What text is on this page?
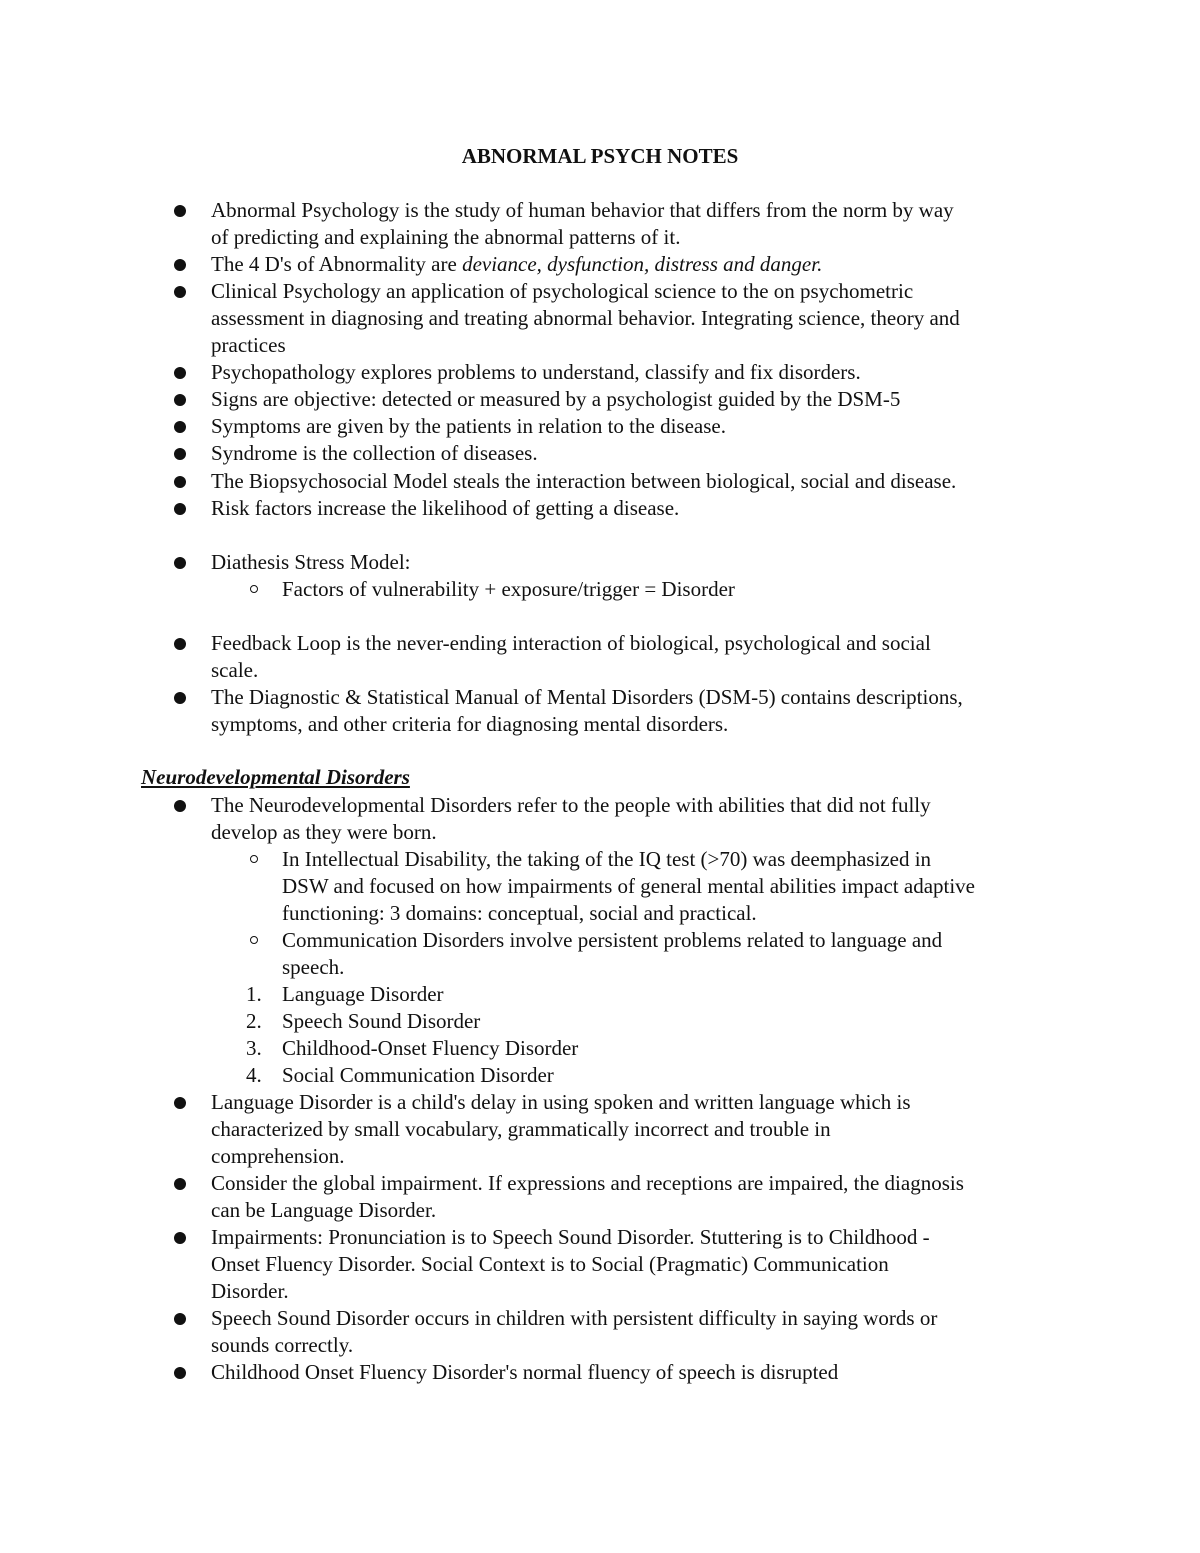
ABNORMAL PSYCH NOTES
Abnormal Psychology is the study of human behavior that differs from the norm by way
of predicting and explaining the abnormal patterns of it.
The 4 D's of Abnormality are deviance, dysfunction, distress and danger.
Clinical Psychology an application of psychological science to the on psychometric
assessment in diagnosing and treating abnormal behavior. Integrating science, theory and
practices
Psychopathology explores problems to understand, classify and fix disorders.
Signs are objective: detected or measured by a psychologist guided by the DSM-5
Symptoms are given by the patients in relation to the disease.
Syndrome is the collection of diseases.
The Biopsychosocial Model steals the interaction between biological, social and disease.
Risk factors increase the likelihood of getting a disease.
Diathesis Stress Model:
Factors of vulnerability + exposure/trigger = Disorder
Feedback Loop is the never-ending interaction of biological, psychological and social
scale.
The Diagnostic & Statistical Manual of Mental Disorders (DSM-5) contains descriptions,
symptoms, and other criteria for diagnosing mental disorders.
Neurodevelopmental Disorders
The Neurodevelopmental Disorders refer to the people with abilities that did not fully
develop as they were born.
In Intellectual Disability, the taking of the IQ test (>70) was deemphasized in
DSW and focused on how impairments of general mental abilities impact adaptive
functioning: 3 domains: conceptual, social and practical.
Communication Disorders involve persistent problems related to language and
speech.
1. Language Disorder
2. Speech Sound Disorder
3. Childhood-Onset Fluency Disorder
4. Social Communication Disorder
Language Disorder is a child's delay in using spoken and written language which is
characterized by small vocabulary, grammatically incorrect and trouble in
comprehension.
Consider the global impairment. If expressions and receptions are impaired, the diagnosis
can be Language Disorder.
Impairments: Pronunciation is to Speech Sound Disorder. Stuttering is to Childhood -
Onset Fluency Disorder. Social Context is to Social (Pragmatic) Communication
Disorder.
Speech Sound Disorder occurs in children with persistent difficulty in saying words or
sounds correctly.
Childhood Onset Fluency Disorder's normal fluency of speech is disrupted
